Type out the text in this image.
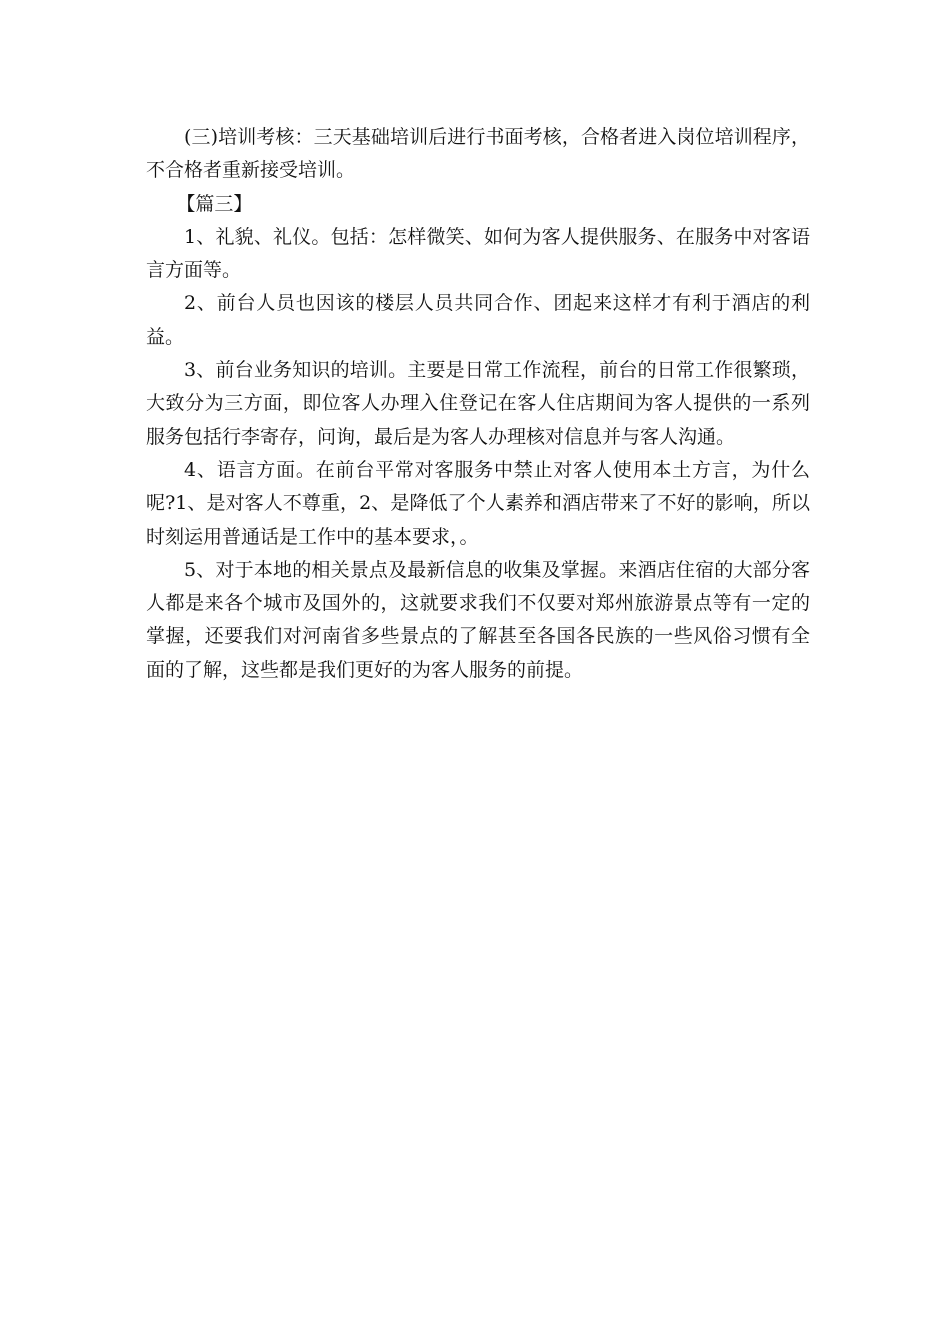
(三)培训考核：三天基础培训后进行书面考核，合格者进入岗位培训程序，不合格者重新接受培训。

【篇三】

1、礼貌、礼仪。包括：怎样微笑、如何为客人提供服务、在服务中对客语言方面等。

2、前台人员也因该的楼层人员共同合作、团起来这样才有利于酒店的利益。

3、前台业务知识的培训。主要是日常工作流程，前台的日常工作很繁琐，大致分为三方面，即位客人办理入住登记在客人住店期间为客人提供的一系列服务包括行李寄存，问询，最后是为客人办理核对信息并与客人沟通。

4、语言方面。在前台平常对客服务中禁止对客人使用本土方言，为什么呢?1、是对客人不尊重，2、是降低了个人素养和酒店带来了不好的影响，所以时刻运用普通话是工作中的基本要求，。

5、对于本地的相关景点及最新信息的收集及掌握。来酒店住宿的大部分客人都是来各个城市及国外的，这就要求我们不仅要对郑州旅游景点等有一定的掌握，还要我们对河南省多些景点的了解甚至各国各民族的一些风俗习惯有全面的了解，这些都是我们更好的为客人服务的前提。
